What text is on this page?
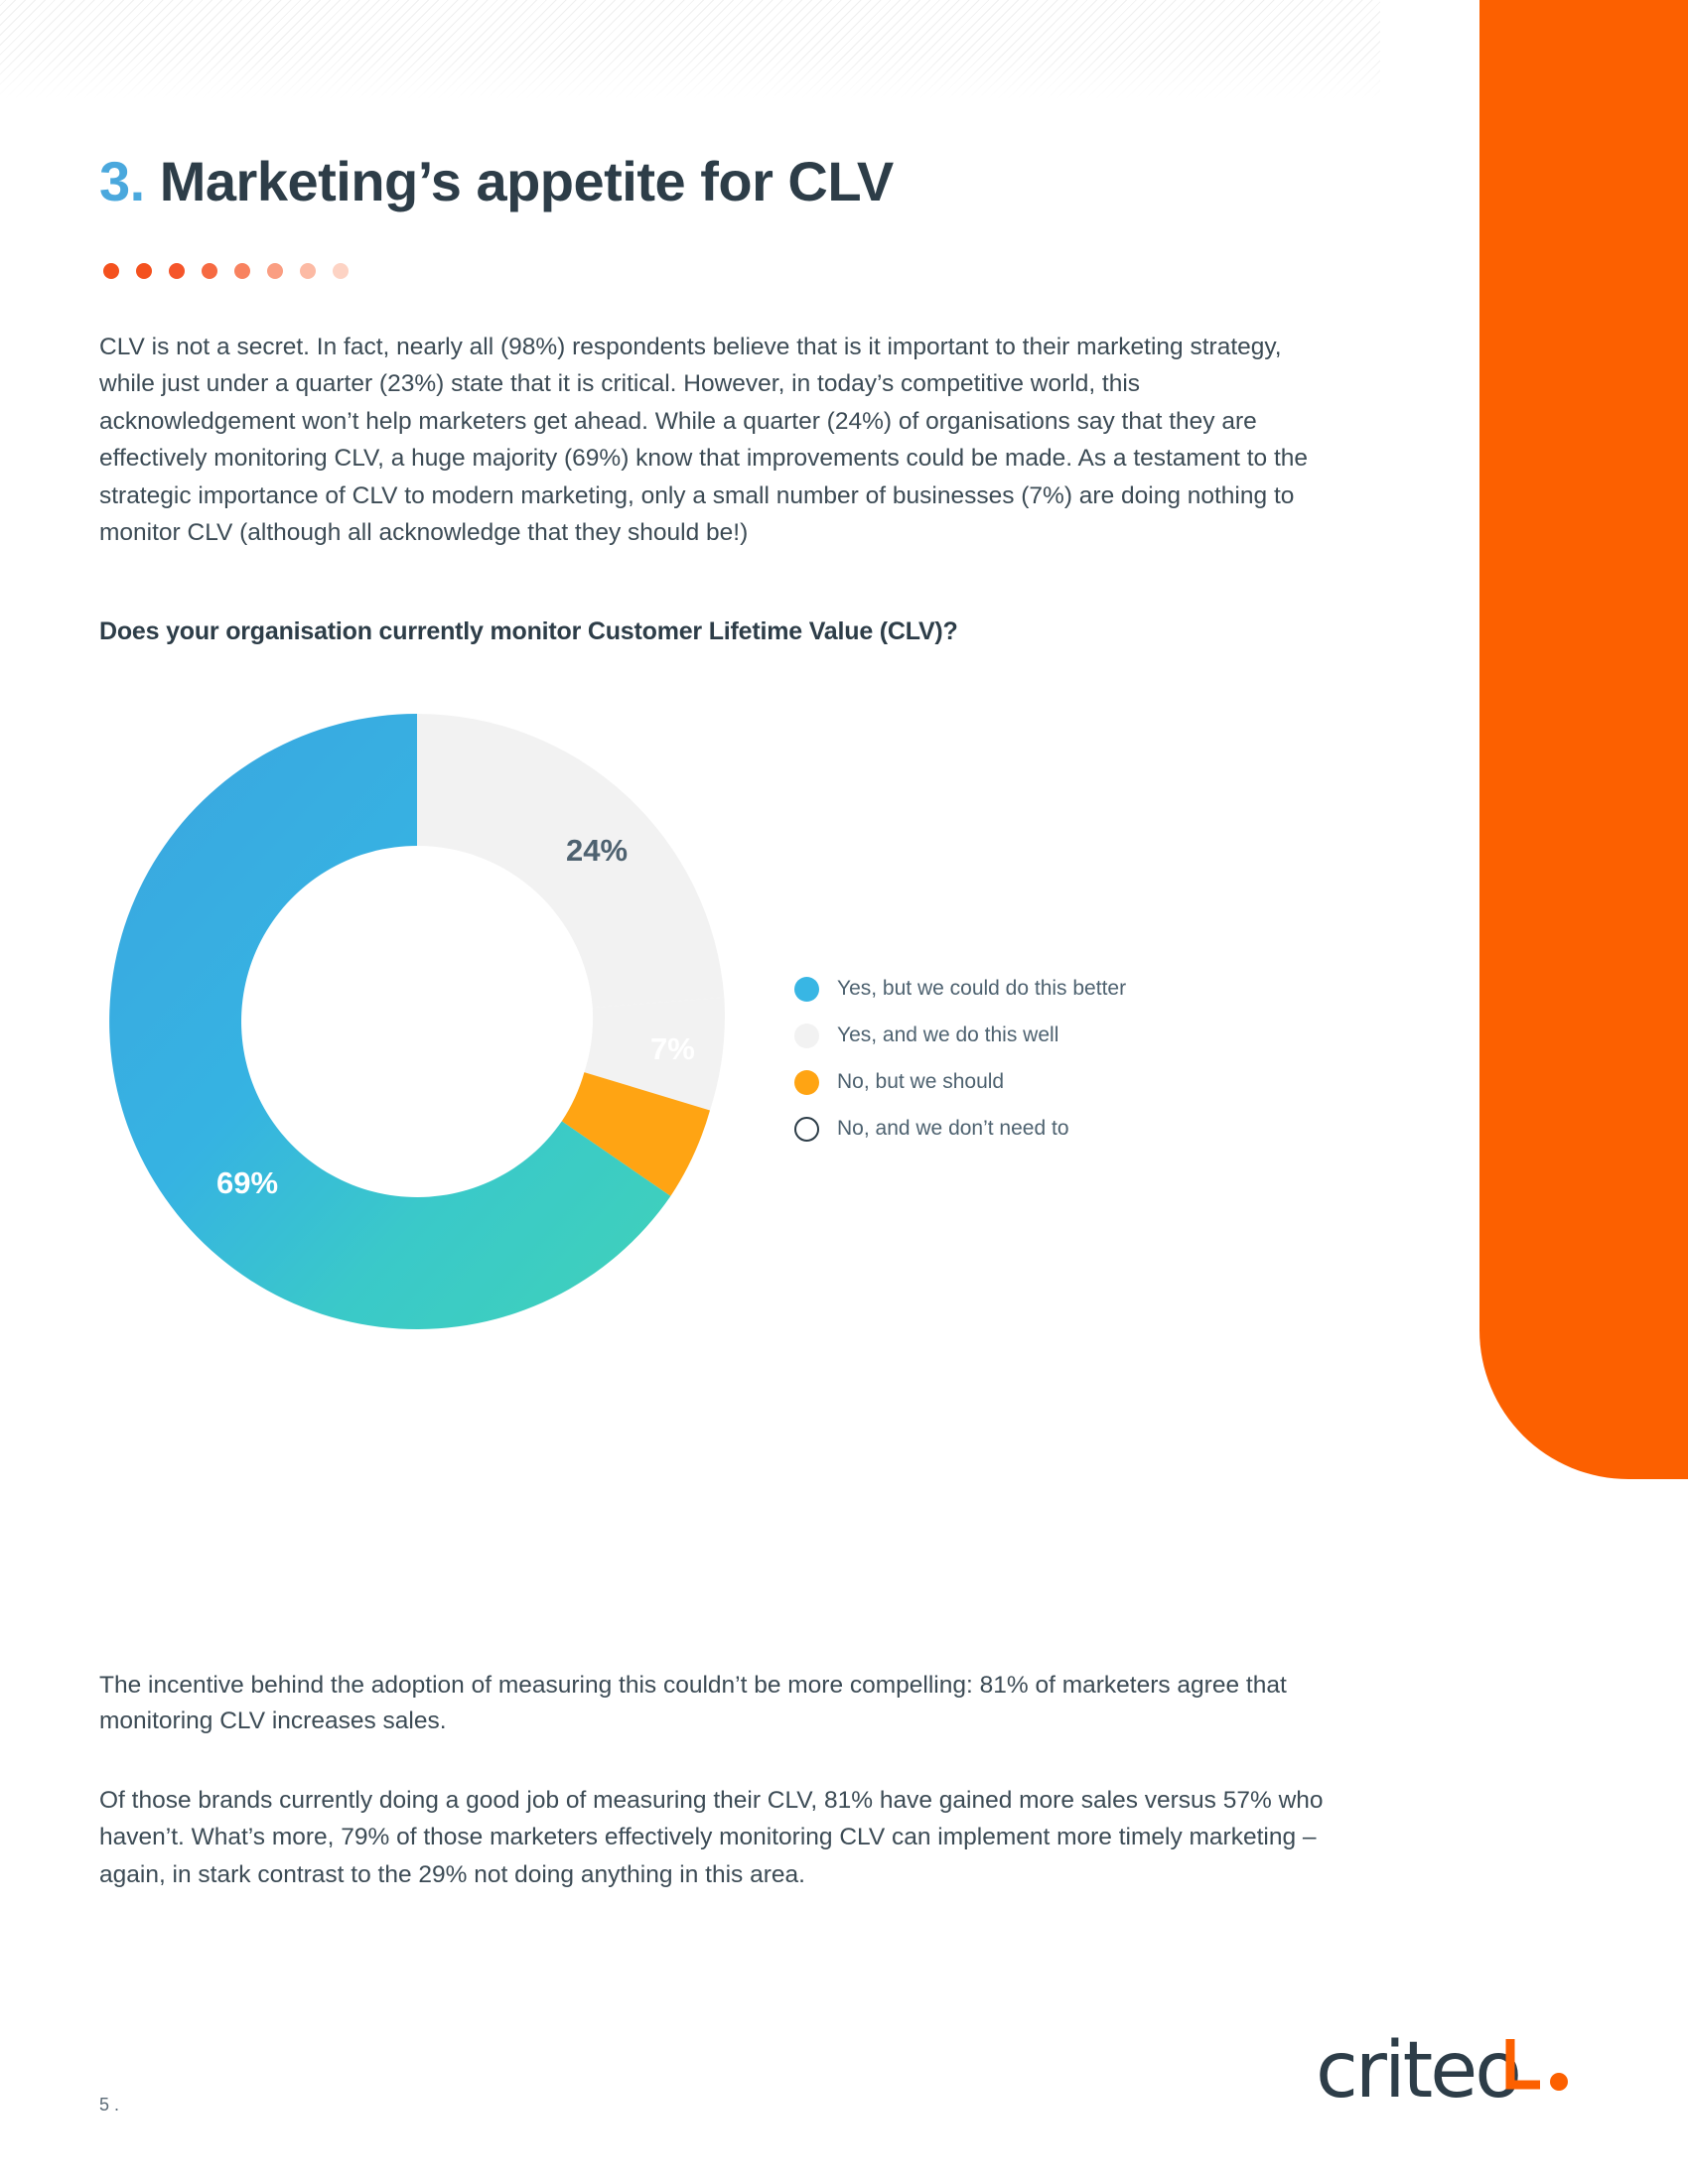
3. Marketing’s appetite for CLV

CLV is not a secret. In fact, nearly all (98%) respondents believe that is it important to their marketing strategy, while just under a quarter (23%) state that it is critical. However, in today’s competitive world, this acknowledgement won’t help marketers get ahead. While a quarter (24%) of organisations say that they are effectively monitoring CLV, a huge majority (69%) know that improvements could be made. As a testament to the strategic importance of CLV to modern marketing, only a small number of businesses (7%) are doing nothing to monitor CLV (although all acknowledge that they should be!)

Does your organisation currently monitor Customer Lifetime Value (CLV)?

24%
7%
69%
Yes, but we could do this better
Yes, and we do this well
No, but we should
No, and we don’t need to

The incentive behind the adoption of measuring this couldn’t be more compelling: 81% of marketers agree that monitoring CLV increases sales.

Of those brands currently doing a good job of measuring their CLV, 81% have gained more sales versus 57% who haven’t. What’s more, 79% of those marketers effectively monitoring CLV can implement more timely marketing – again, in stark contrast to the 29% not doing anything in this area.

5 .	criteo
